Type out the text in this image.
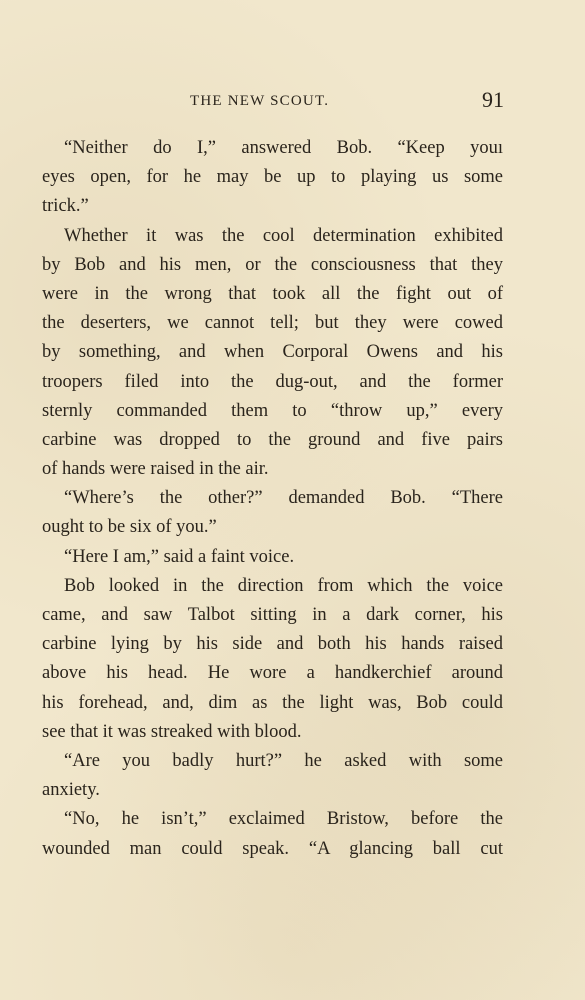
THE NEW SCOUT.	91
“Neither do I,” answered Bob. “Keep youı
eyes open, for he may be up to playing us some
trick.”
Whether it was the cool determination exhibited
by Bob and his men, or the consciousness that they
were in the wrong that took all the fight out of
the deserters, we cannot tell; but they were cowed
by something, and when Corporal Owens and his
troopers filed into the dug-out, and the former
sternly commanded them to “throw up,” every
carbine was dropped to the ground and five pairs
of hands were raised in the air.
“Where’s the other?” demanded Bob. “There
ought to be six of you.”
“Here I am,” said a faint voice.
Bob looked in the direction from which the voice
came, and saw Talbot sitting in a dark corner, his
carbine lying by his side and both his hands raised
above his head. He wore a handkerchief around
his forehead, and, dim as the light was, Bob could
see that it was streaked with blood.
“Are you badly hurt?” he asked with some
anxiety.
“No, he isn’t,” exclaimed Bristow, before the
wounded man could speak. “A glancing ball cut
